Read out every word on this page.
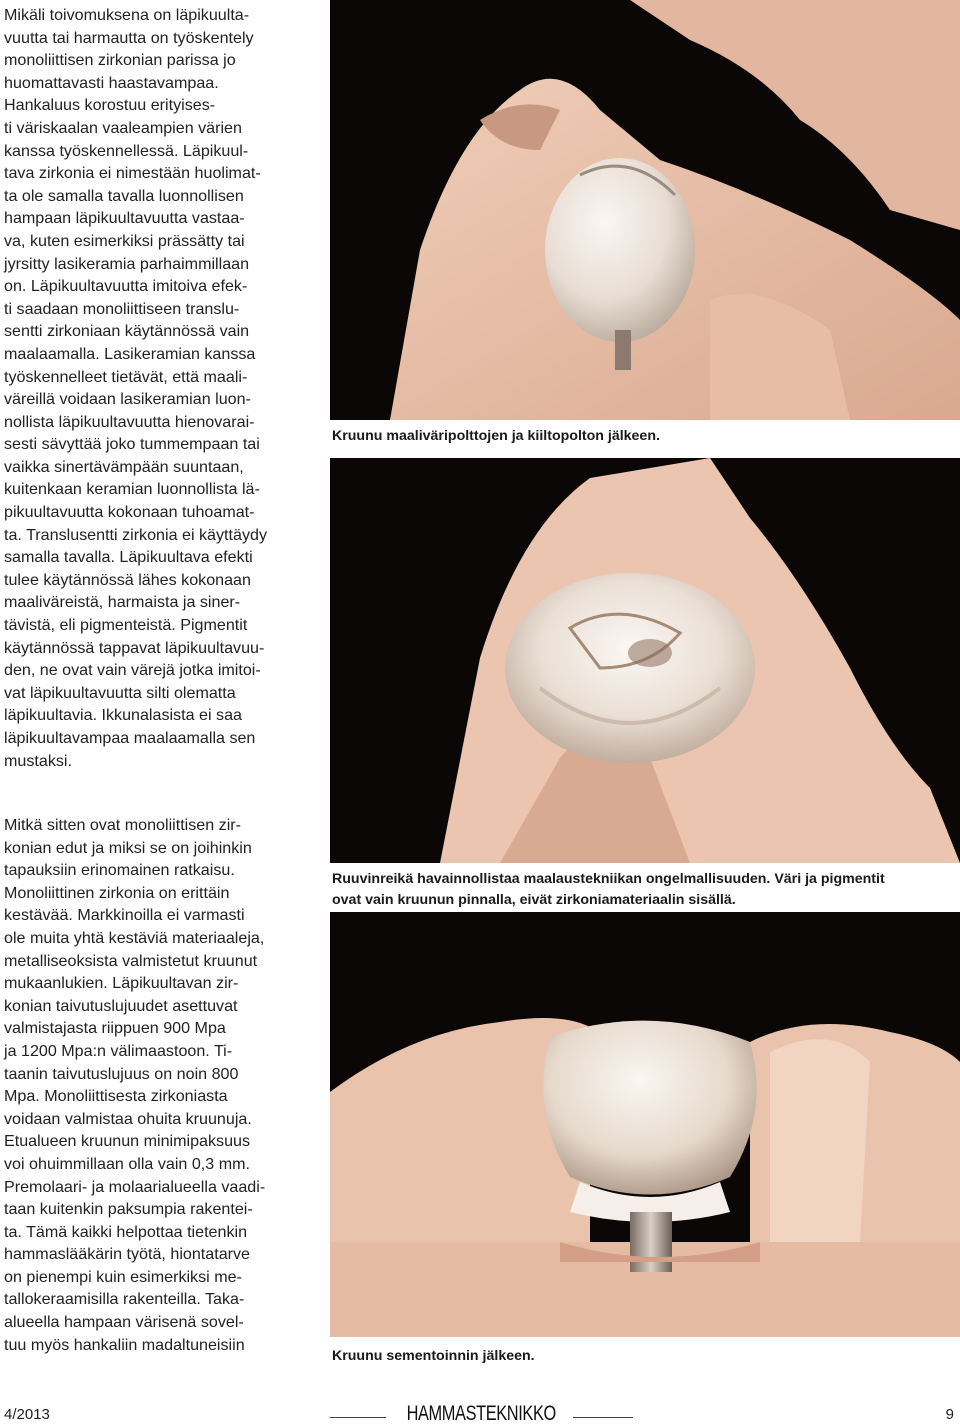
Mikäli toivomuksena on läpikuulta-
vuutta tai harmautta on työskentely
monoliittisen zirkonian parissa jo
huomattavasti haastavampaa.
Hankaluus korostuu erityises-
ti väriskaalan vaaleampien värien
kanssa työskennellessä. Läpikuul-
tava zirkonia ei nimestään huolimat-
ta ole samalla tavalla luonnollisen
hampaan läpikuultavuutta vastaa-
va, kuten esimerkiksi prässätty tai
jyrsitty lasikeramia parhaimmillaan
on. Läpikuultavuutta imitoiva efek-
ti saadaan monoliittiseen translu-
sentti zirkoniaan käytännössä vain
maalaamalla. Lasikeramian kanssa
työskennelleet tietävät, että maali-
väreillä voidaan lasikeramian luon-
nollista läpikuultavuutta hienovarai-
sesti sävyttää joko tummempaan tai
vaikka sinertävämpään suuntaan,
kuitenkaan keramian luonnollista lä-
pikuultavuutta kokonaan tuhoamat-
ta. Translusentti zirkonia ei käyttäydy
samalla tavalla. Läpikuultava efekti
tulee käytännössä lähes kokonaan
maaliväreistä, harmaista ja siner-
tävistä, eli pigmenteistä. Pigmentit
käytännössä tappavat läpikuultavuu-
den, ne ovat vain värejä jotka imitoi-
vat läpikuultavuutta silti olematta
läpikuultavia. Ikkunalasista ei saa
läpikuultavampaa maalaamalla sen
mustaksi.

Mitkä sitten ovat monoliittisen zir-
konian edut ja miksi se on joihinkin
tapauksiin erinomainen ratkaisu.
Monoliittinen zirkonia on erittäin
kestävää. Markkinoilla ei varmasti
ole muita yhtä kestäviä materiaaleja,
metalliseoksista valmistetut kruunut
mukaanlukien. Läpikuultavan zir-
konian taivutuslujuudet asettuvat
valmistajasta riippuen 900 Mpa
ja 1200 Mpa:n välimaastoon. Ti-
taanin taivutuslujuus on noin 800
Mpa. Monoliittisesta zirkoniasta
voidaan valmistaa ohuita kruunuja.
Etualueen kruunun minimipaksuus
voi ohuimmillaan olla vain 0,3 mm.
Premolaari- ja molaarialueella vaadi-
taan kuitenkin paksumpia rakentei-
ta. Tämä kaikki helpottaa tietenkin
hammaslääkärin työtä, hiontatarve
on pienempi kuin esimerkiksi me-
tallokeraamisilla rakenteilla. Taka-
alueella hampaan värisenä sovel-
tuu myös hankaliin madaltuneisiin

Kruunu maaliväripolttojen ja kiiltopolton jälkeen.
Ruuvinreikä havainnollistaa maalaustekniikan ongelmallisuuden. Väri ja pigmentit
ovat vain kruunun pinnalla, eivät zirkoniamateriaalin sisällä.
Kruunu sementoinnin jälkeen.
4/2013	HAMMASTEKNIKKO	9
